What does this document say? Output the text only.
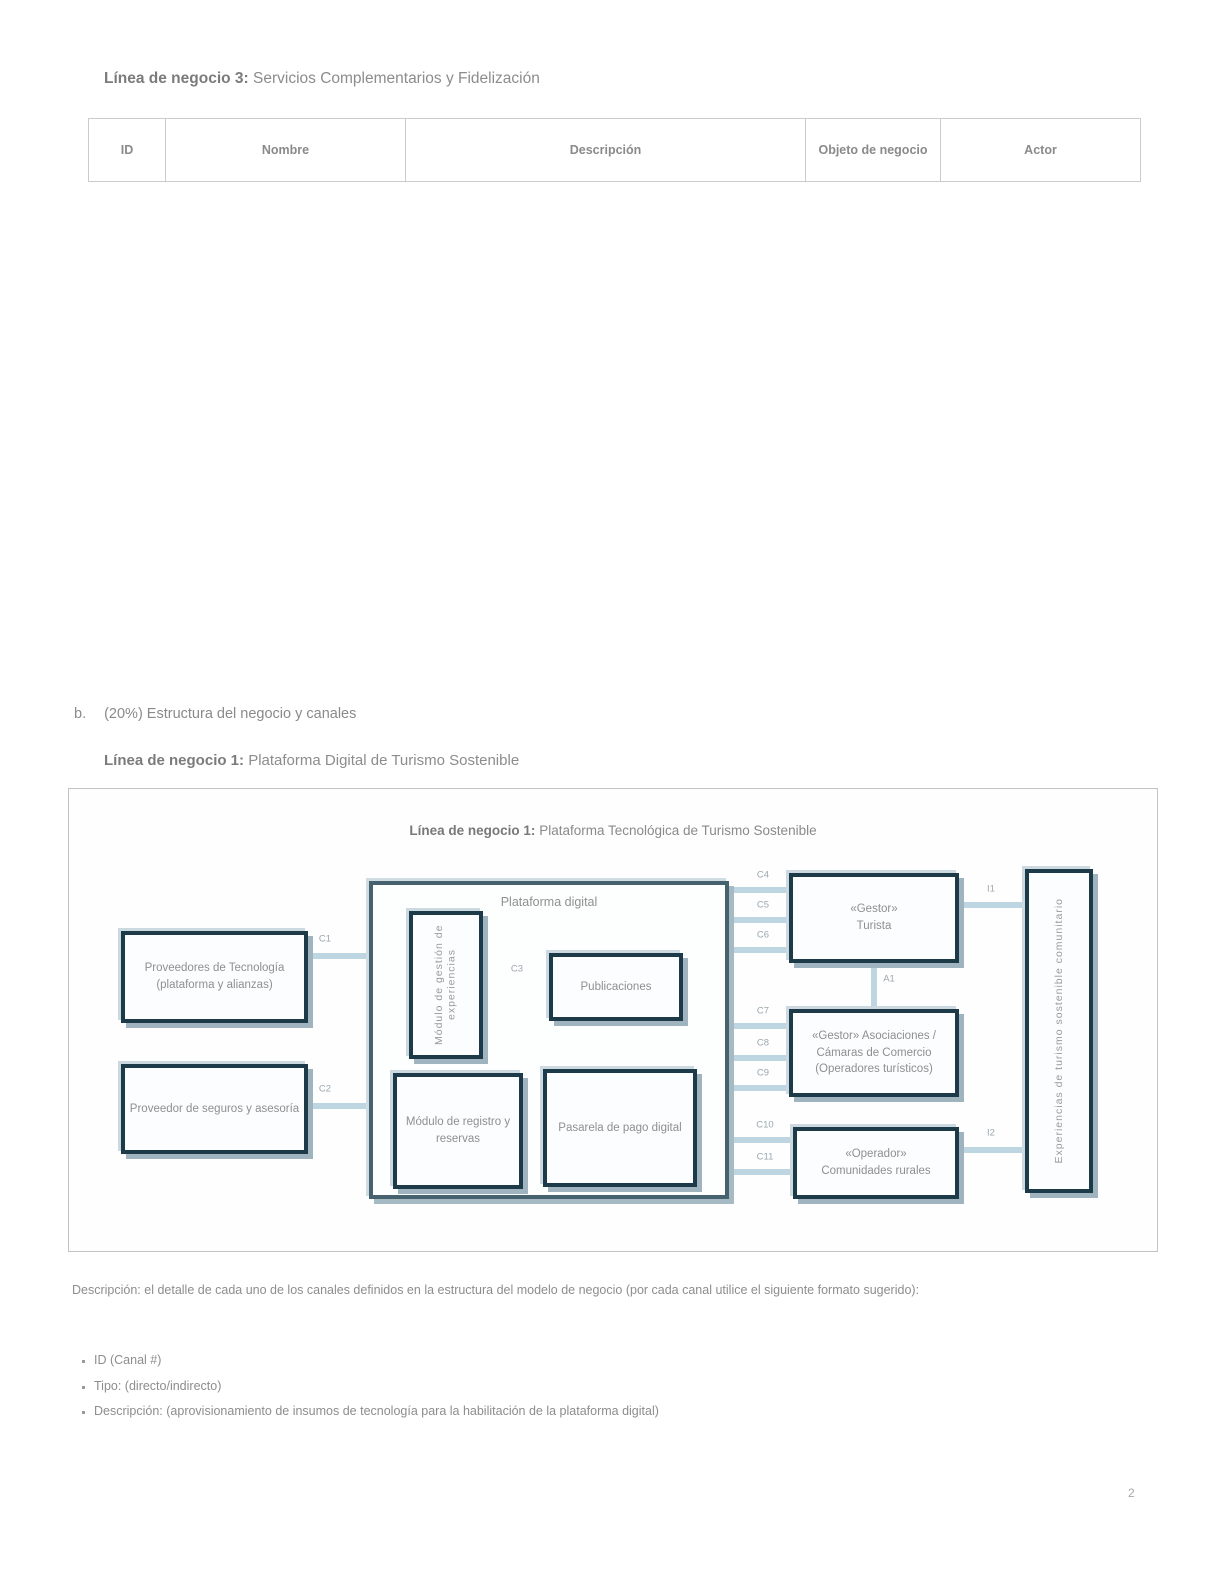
Línea de negocio 3: Servicios Complementarios y Fidelización
ID	Nombre	Descripción	Objeto de negocio	Actor
b. (20%) Estructura del negocio y canales
Línea de negocio 1: Plataforma Digital de Turismo Sostenible
Línea de negocio 1: Plataforma Tecnológica de Turismo Sostenible
Proveedores de Tecnología (plataforma y alianzas)
Proveedor de seguros y asesoría
Plataforma digital
Módulo de gestión de experiencias	Publicaciones
Módulo de registro y reservas
Pasarela de pago digital
«Gestor»
Turista
«Gestor» Asociaciones / Cámaras de Comercio (Operadores turísticos)
«Operador»
Comunidades rurales
Experiencias de turismo sostenible comunitario
C1
C2
C3
C4
C5
C6
C7
C8
C9
C10
C11
I1
A1
I2
Descripción: el detalle de cada uno de los canales definidos en la estructura del modelo de negocio (por cada canal utilice el siguiente formato sugerido):
▪ ID (Canal #)
▪ Tipo: (directo/indirecto)
▪ Descripción: (aprovisionamiento de insumos de tecnología para la habilitación de la plataforma digital)
2
